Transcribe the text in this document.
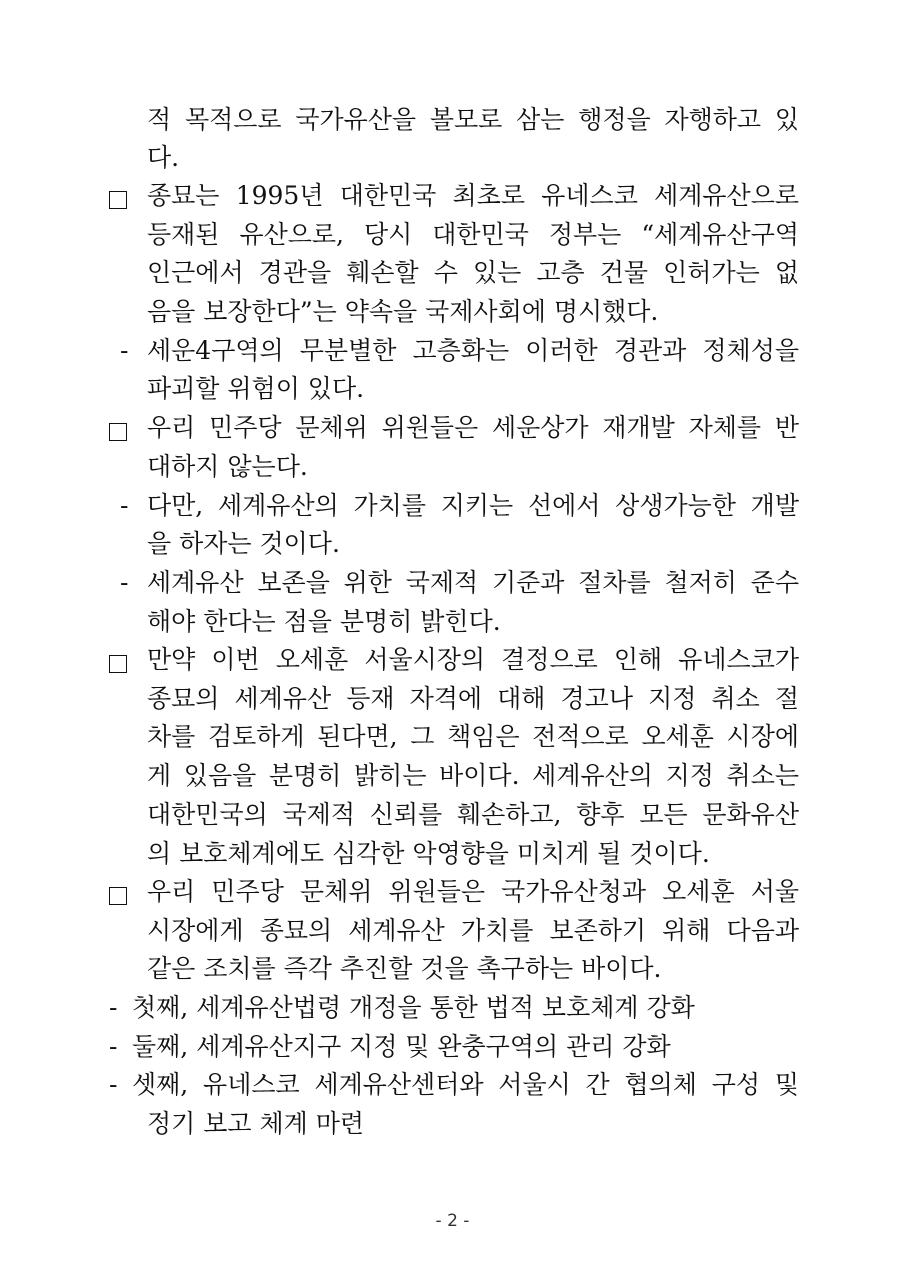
적 목적으로 국가유산을 볼모로 삼는 행정을 자행하고 있
다.
종묘는 1995년 대한민국 최초로 유네스코 세계유산으로
등재된 유산으로, 당시 대한민국 정부는 “세계유산구역
인근에서 경관을 훼손할 수 있는 고층 건물 인허가는 없
음을 보장한다”는 약속을 국제사회에 명시했다.
- 세운4구역의 무분별한 고층화는 이러한 경관과 정체성을
파괴할 위험이 있다.
우리 민주당 문체위 위원들은 세운상가 재개발 자체를 반
대하지 않는다.
- 다만, 세계유산의 가치를 지키는 선에서 상생가능한 개발
을 하자는 것이다.
- 세계유산 보존을 위한 국제적 기준과 절차를 철저히 준수
해야 한다는 점을 분명히 밝힌다.
만약 이번 오세훈 서울시장의 결정으로 인해 유네스코가
종묘의 세계유산 등재 자격에 대해 경고나 지정 취소 절
차를 검토하게 된다면, 그 책임은 전적으로 오세훈 시장에
게 있음을 분명히 밝히는 바이다. 세계유산의 지정 취소는
대한민국의 국제적 신뢰를 훼손하고, 향후 모든 문화유산
의 보호체계에도 심각한 악영향을 미치게 될 것이다.
우리 민주당 문체위 위원들은 국가유산청과 오세훈 서울
시장에게 종묘의 세계유산 가치를 보존하기 위해 다음과
같은 조치를 즉각 추진할 것을 촉구하는 바이다.
- 첫째, 세계유산법령 개정을 통한 법적 보호체계 강화
- 둘째, 세계유산지구 지정 및 완충구역의 관리 강화
- 셋째, 유네스코 세계유산센터와 서울시 간 협의체 구성 및
정기 보고 체계 마련
- 2 -
